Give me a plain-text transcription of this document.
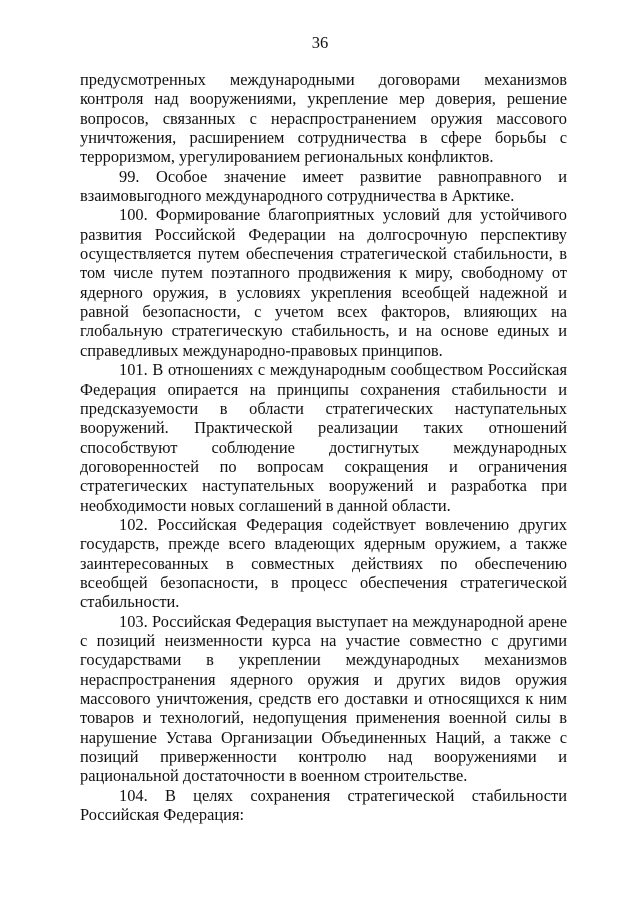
36

предусмотренных международными договорами механизмов контроля над вооружениями, укрепление мер доверия, решение вопросов, связанных с нераспространением оружия массового уничтожения, расширением сотрудничества в сфере борьбы с терроризмом, урегулированием региональных конфликтов.

99. Особое значение имеет развитие равноправного и взаимовыгодного международного сотрудничества в Арктике.

100. Формирование благоприятных условий для устойчивого развития Российской Федерации на долгосрочную перспективу осуществляется путем обеспечения стратегической стабильности, в том числе путем поэтапного продвижения к миру, свободному от ядерного оружия, в условиях укрепления всеобщей надежной и равной безопасности, с учетом всех факторов, влияющих на глобальную стратегическую стабильность, и на основе единых и справедливых международно-правовых принципов.

101. В отношениях с международным сообществом Российская Федерация опирается на принципы сохранения стабильности и предсказуемости в области стратегических наступательных вооружений. Практической реализации таких отношений способствуют соблюдение достигнутых международных договоренностей по вопросам сокращения и ограничения стратегических наступательных вооружений и разработка при необходимости новых соглашений в данной области.

102. Российская Федерация содействует вовлечению других государств, прежде всего владеющих ядерным оружием, а также заинтересованных в совместных действиях по обеспечению всеобщей безопасности, в процесс обеспечения стратегической стабильности.

103. Российская Федерация выступает на международной арене с позиций неизменности курса на участие совместно с другими государствами в укреплении международных механизмов нераспространения ядерного оружия и других видов оружия массового уничтожения, средств его доставки и относящихся к ним товаров и технологий, недопущения применения военной силы в нарушение Устава Организации Объединенных Наций, а также с позиций приверженности контролю над вооружениями и рациональной достаточности в военном строительстве.

104. В целях сохранения стратегической стабильности Российская Федерация:
